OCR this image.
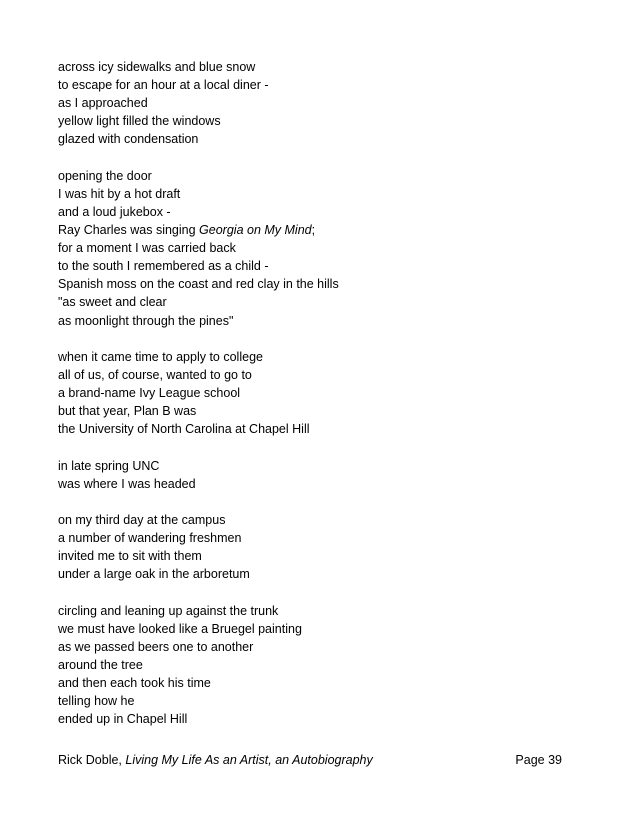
across icy sidewalks and blue snow
to escape for an hour at a local diner -
as I approached
yellow light filled the windows
glazed with condensation
opening the door
I was hit by a hot draft
and a loud jukebox -
Ray Charles was singing Georgia on My Mind;
for a moment I was carried back
to the south I remembered as a child -
Spanish moss on the coast and red clay in the hills
"as sweet and clear
as moonlight through the pines"
when it came time to apply to college
all of us, of course, wanted to go to
a brand-name Ivy League school
but that year, Plan B was
the University of North Carolina at Chapel Hill
in late spring UNC
was where I was headed
on my third day at the campus
a number of wandering freshmen
invited me to sit with them
under a large oak in the arboretum
circling and leaning up against the trunk
we must have looked like a Bruegel painting
as we passed beers one to another
around the tree
and then each took his time
telling how he
ended up in Chapel Hill
Rick Doble, Living My Life As an Artist, an Autobiography	Page 39
